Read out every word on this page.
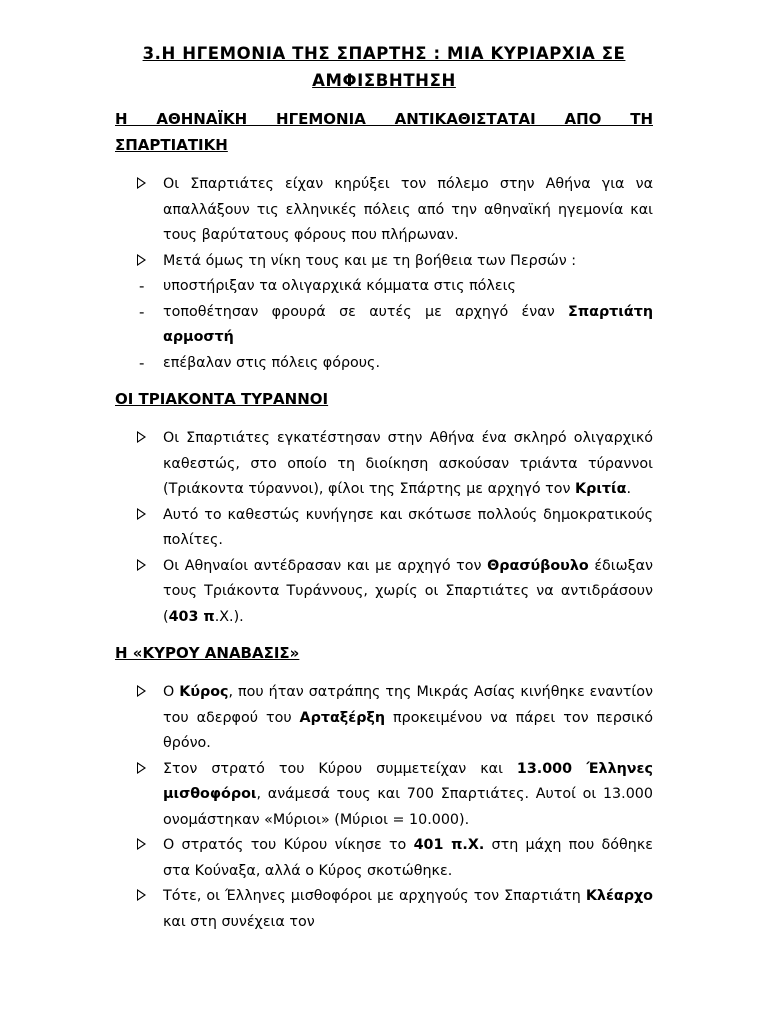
3.Η ΗΓΕΜΟΝΙΑ ΤΗΣ ΣΠΑΡΤΗΣ : ΜΙΑ ΚΥΡΙΑΡΧΙΑ ΣΕ ΑΜΦΙΣΒΗΤΗΣΗ
Η ΑΘΗΝΑΪΚΗ ΗΓΕΜΟΝΙΑ ΑΝΤΙΚΑΘΙΣΤΑΤΑΙ ΑΠΟ ΤΗ ΣΠΑΡΤΙΑΤΙΚΗ
Οι Σπαρτιάτες είχαν κηρύξει τον πόλεμο στην Αθήνα για να απαλλάξουν τις ελληνικές πόλεις από την αθηναϊκή ηγεμονία και τους βαρύτατους φόρους που πλήρωναν.
Μετά όμως τη νίκη τους και με τη βοήθεια των Περσών :
- υποστήριξαν τα ολιγαρχικά κόμματα στις πόλεις
- τοποθέτησαν φρουρά σε αυτές με αρχηγό έναν Σπαρτιάτη αρμοστή
- επέβαλαν στις πόλεις φόρους.
ΟΙ ΤΡΙΑΚΟΝΤΑ ΤΥΡΑΝΝΟΙ
Οι Σπαρτιάτες εγκατέστησαν στην Αθήνα ένα σκληρό ολιγαρχικό καθεστώς, στο οποίο τη διοίκηση ασκούσαν τριάντα τύραννοι (Τριάκοντα τύραννοι), φίλοι της Σπάρτης με αρχηγό τον Κριτία.
Αυτό το καθεστώς κυνήγησε και σκότωσε πολλούς δημοκρατικούς πολίτες.
Οι Αθηναίοι αντέδρασαν και με αρχηγό τον Θρασύβουλο έδιωξαν τους Τριάκοντα Τυράννους, χωρίς οι Σπαρτιάτες να αντιδράσουν (403 π.Χ.).
Η «ΚΥΡΟΥ ΑΝΑΒΑΣΙΣ»
Ο Κύρος, που ήταν σατράπης της Μικράς Ασίας κινήθηκε εναντίον του αδερφού του Αρταξέρξη προκειμένου να πάρει τον περσικό θρόνο.
Στον στρατό του Κύρου συμμετείχαν και 13.000 Έλληνες μισθοφόροι, ανάμεσά τους και 700 Σπαρτιάτες. Αυτοί οι 13.000 ονομάστηκαν «Μύριοι» (Μύριοι = 10.000).
Ο στρατός του Κύρου νίκησε το 401 π.Χ. στη μάχη που δόθηκε στα Κούναξα, αλλά ο Κύρος σκοτώθηκε.
Τότε, οι Έλληνες μισθοφόροι με αρχηγούς τον Σπαρτιάτη Κλέαρχο και στη συνέχεια τον
